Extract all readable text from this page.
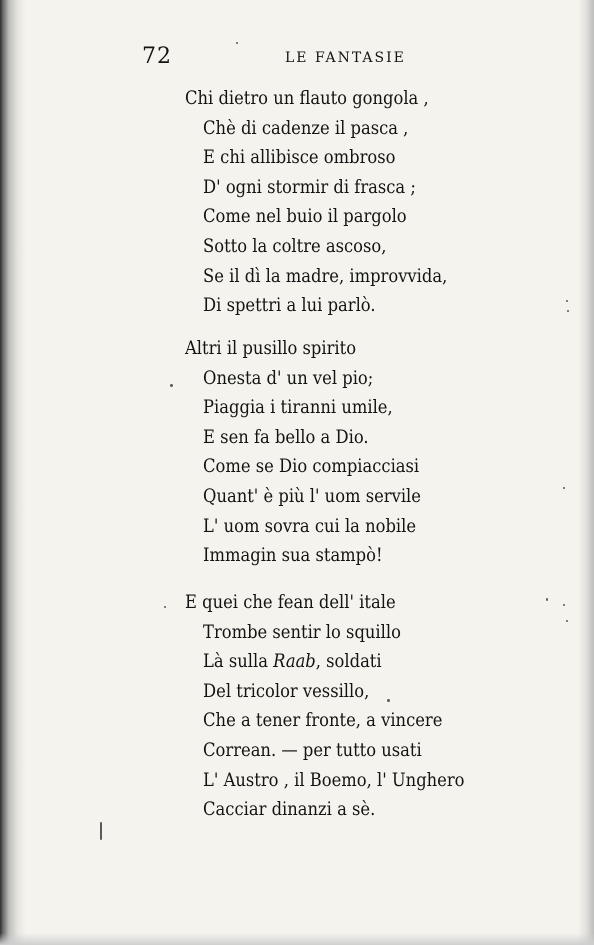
72	LE FANTASIE
Chi dietro un flauto gongola ,
Chè di cadenze il pasca ,
E chi allibisce ombroso
D' ogni stormir di frasca ;
Come nel buio il pargolo
Sotto la coltre ascoso,
Se il dì la madre, improvvida,
Di spettri a lui parlò.
Altri il pusillo spirito
Onesta d' un vel pio;
Piaggia i tiranni umile,
E sen fa bello a Dio.
Come se Dio compiacciasi
Quant' è più l' uom servile
L' uom sovra cui la nobile
Immagin sua stampò!
E quei che fean dell' itale
Trombe sentir lo squillo
Là sulla Raab, soldati
Del tricolor vessillo,
Che a tener fronte, a vincere
Correan. — per tutto usati
L' Austro , il Boemo, l' Unghero
Cacciar dinanzi a sè.
